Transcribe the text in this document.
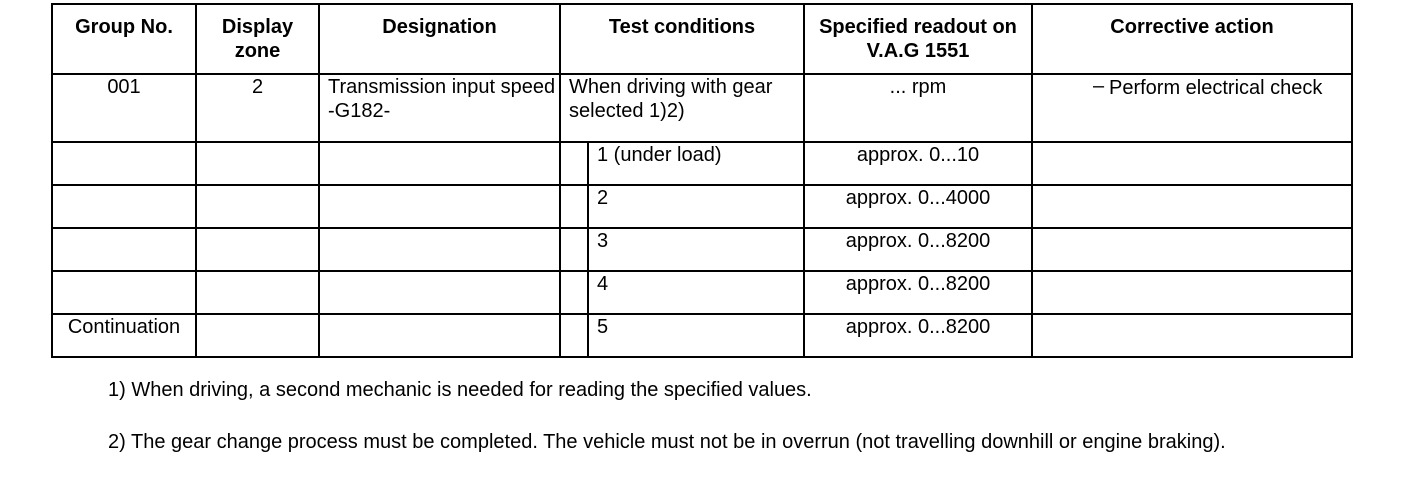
Group No.	Display zone	Designation	Test conditions		Specified readout on V.A.G 1551	Corrective action
001	2	Transmission input speed -G182-	When driving with gear selected 1)2)		... rpm	– Perform electrical check

				1 (under load)	approx. 0...10	
				2	approx. 0...4000	
				3	approx. 0...8200	
				4	approx. 0...8200	
Continuation				5	approx. 0...8200	

1) When driving, a second mechanic is needed for reading the specified values.

2) The gear change process must be completed. The vehicle must not be in overrun (not travelling downhill or engine braking).
